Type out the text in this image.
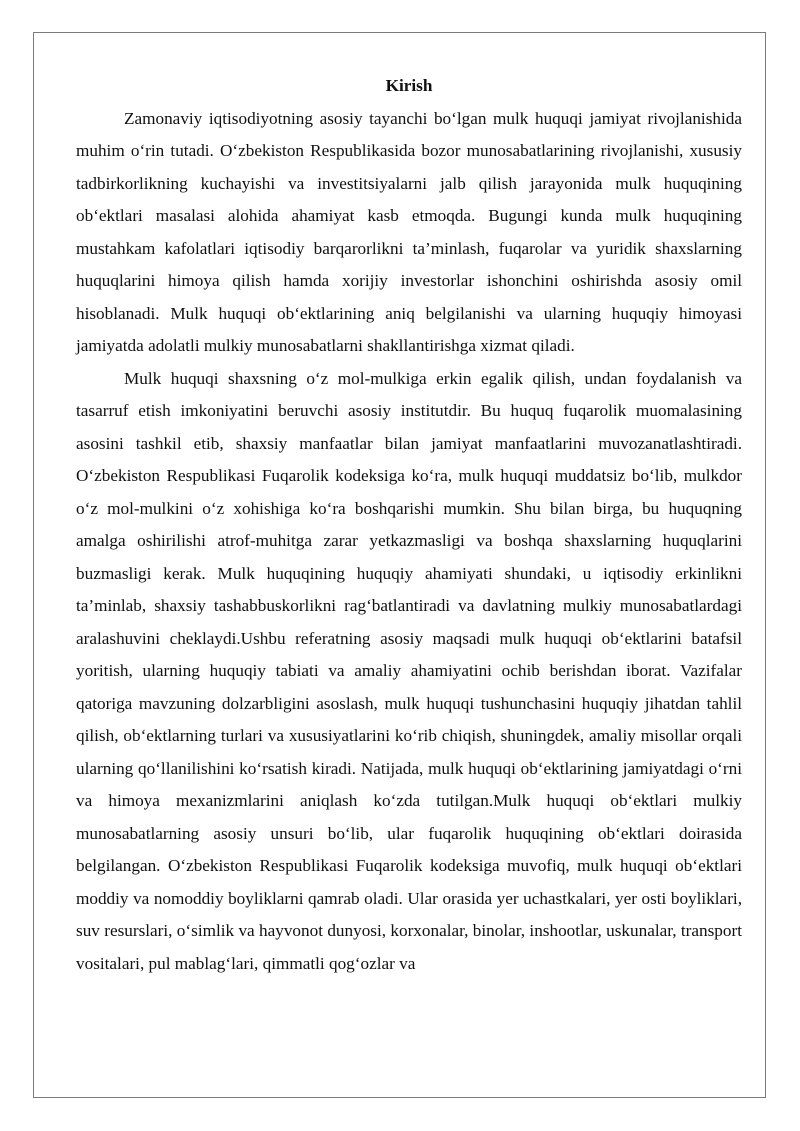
Kirish

Zamonaviy iqtisodiyotning asosiy tayanchi bo‘lgan mulk huquqi jamiyat rivojlanishida muhim o‘rin tutadi. O‘zbekiston Respublikasida bozor munosabatlarining rivojlanishi, xususiy tadbirkorlikning kuchayishi va investitsiyalarni jalb qilish jarayonida mulk huquqining ob‘ektlari masalasi alohida ahamiyat kasb etmoqda. Bugungi kunda mulk huquqining mustahkam kafolatlari iqtisodiy barqarorlikni ta’minlash, fuqarolar va yuridik shaxslarning huquqlarini himoya qilish hamda xorijiy investorlar ishonchini oshirishda asosiy omil hisoblanadi. Mulk huquqi ob‘ektlarining aniq belgilanishi va ularning huquqiy himoyasi jamiyatda adolatli mulkiy munosabatlarni shakllantirishga xizmat qiladi.

Mulk huquqi shaxsning o‘z mol-mulkiga erkin egalik qilish, undan foydalanish va tasarruf etish imkoniyatini beruvchi asosiy institutdir. Bu huquq fuqarolik muomalasining asosini tashkil etib, shaxsiy manfaatlar bilan jamiyat manfaatlarini muvozanatlashtiradi. O‘zbekiston Respublikasi Fuqarolik kodeksiga ko‘ra, mulk huquqi muddatsiz bo‘lib, mulkdor o‘z mol-mulkini o‘z xohishiga ko‘ra boshqarishi mumkin. Shu bilan birga, bu huquqning amalga oshirilishi atrof-muhitga zarar yetkazmasligi va boshqa shaxslarning huquqlarini buzmasligi kerak. Mulk huquqining huquqiy ahamiyati shundaki, u iqtisodiy erkinlikni ta’minlab, shaxsiy tashabbuskorlikni rag‘batlantiradi va davlatning mulkiy munosabatlardagi aralashuvini cheklaydi.Ushbu referatning asosiy maqsadi mulk huquqi ob‘ektlarini batafsil yoritish, ularning huquqiy tabiati va amaliy ahamiyatini ochib berishdan iborat. Vazifalar qatoriga mavzuning dolzarbligini asoslash, mulk huquqi tushunchasini huquqiy jihatdan tahlil qilish, ob‘ektlarning turlari va xususiyatlarini ko‘rib chiqish, shuningdek, amaliy misollar orqali ularning qo‘llanilishini ko‘rsatish kiradi. Natijada, mulk huquqi ob‘ektlarining jamiyatdagi o‘rni va himoya mexanizmlarini aniqlash ko‘zda tutilgan.Mulk huquqi ob‘ektlari mulkiy munosabatlarning asosiy unsuri bo‘lib, ular fuqarolik huquqining ob‘ektlari doirasida belgilangan. O‘zbekiston Respublikasi Fuqarolik kodeksiga muvofiq, mulk huquqi ob‘ektlari moddiy va nomoddiy boyliklarni qamrab oladi. Ular orasida yer uchastkalari, yer osti boyliklari, suv resurslari, o‘simlik va hayvonot dunyosi, korxonalar, binolar, inshootlar, uskunalar, transport vositalari, pul mablag‘lari, qimmatli qog‘ozlar va
